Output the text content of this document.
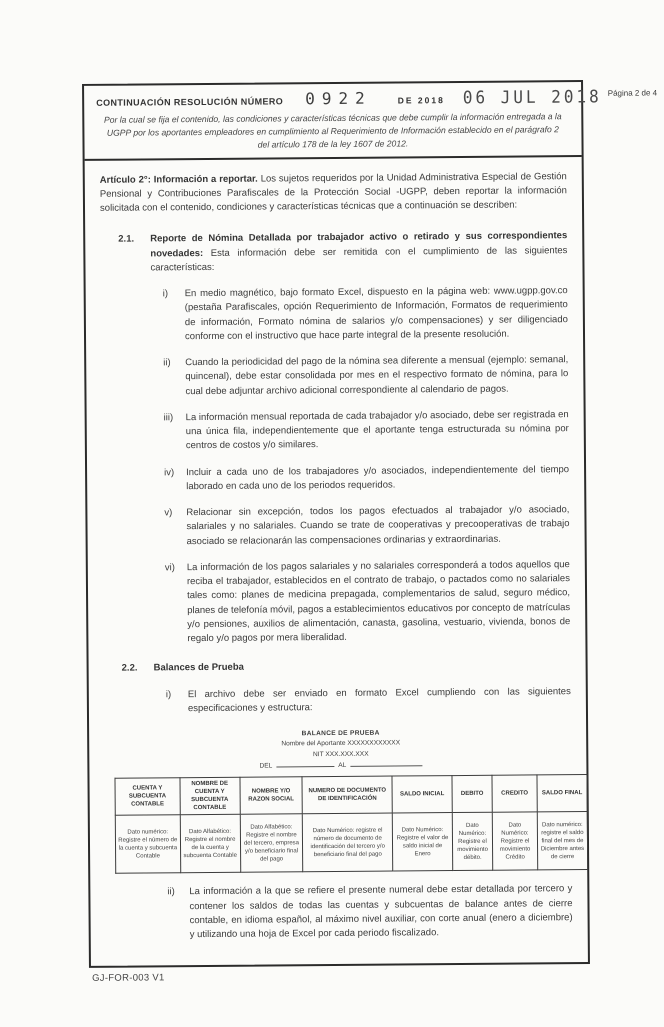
CONTINUACIÓN RESOLUCIÓN NÚMERO 0922	DE 2018 06 JUL 2018 Página 2 de 4
Por la cual se fija el contenido, las condiciones y características técnicas que debe cumplir la información entregada a la UGPP por los aportantes empleadores en cumplimiento al Requerimiento de Información establecido en el parágrafo 2 del artículo 178 de la ley 1607 de 2012.

Artículo 2°: Información a reportar. Los sujetos requeridos por la Unidad Administrativa Especial de Gestión Pensional y Contribuciones Parafiscales de la Protección Social -UGPP, deben reportar la información solicitada con el contenido, condiciones y características técnicas que a continuación se describen:

2.1.	Reporte de Nómina Detallada por trabajador activo o retirado y sus correspondientes novedades: Esta información debe ser remitida con el cumplimiento de las siguientes características:
i)	En medio magnético, bajo formato Excel, dispuesto en la página web: www.ugpp.gov.co (pestaña Parafiscales, opción Requerimiento de Información, Formatos de requerimiento de información, Formato nómina de salarios y/o compensaciones) y ser diligenciado conforme con el instructivo que hace parte integral de la presente resolución.
ii)	Cuando la periodicidad del pago de la nómina sea diferente a mensual (ejemplo: semanal, quincenal), debe estar consolidada por mes en el respectivo formato de nómina, para lo cual debe adjuntar archivo adicional correspondiente al calendario de pagos.
iii)	La información mensual reportada de cada trabajador y/o asociado, debe ser registrada en una única fila, independientemente que el aportante tenga estructurada su nómina por centros de costos y/o similares.
iv)	Incluir a cada uno de los trabajadores y/o asociados, independientemente del tiempo laborado en cada uno de los periodos requeridos.
v)	Relacionar sin excepción, todos los pagos efectuados al trabajador y/o asociado, salariales y no salariales. Cuando se trate de cooperativas y precooperativas de trabajo asociado se relacionarán las compensaciones ordinarias y extraordinarias.
vi)	La información de los pagos salariales y no salariales corresponderá a todos aquellos que reciba el trabajador, establecidos en el contrato de trabajo, o pactados como no salariales tales como: planes de medicina prepagada, complementarios de salud, seguro médico, planes de telefonía móvil, pagos a establecimientos educativos por concepto de matrículas y/o pensiones, auxilios de alimentación, canasta, gasolina, vestuario, vivienda, bonos de regalo y/o pagos por mera liberalidad.
2.2.	Balances de Prueba
i)	El archivo debe ser enviado en formato Excel cumpliendo con las siguientes especificaciones y estructura:
BALANCE DE PRUEBA
Nombre del Aportante XXXXXXXXXXXX
NIT XXX.XXX.XXX
DEL	AL
CUENTA Y SUBCUENTA CONTABLE	NOMBRE DE CUENTA Y SUBCUENTA CONTABLE	NOMBRE Y/O RAZON SOCIAL	NUMERO DE DOCUMENTO DE IDENTIFICACIÓN	SALDO INICIAL	DEBITO	CREDITO	SALDO FINAL
Dato numérico: Registre el número de la cuenta y subcuenta Contable	Dato Alfabético: Registre el nombre de la cuenta y subcuenta Contable	Dato Alfabético: Registre el nombre del tercero, empresa y/o beneficiario final del pago	Dato Numérico: registre el número de documento de identificación del tercero y/o beneficiario final del pago	Dato Numérico: Registre el valor de saldo inicial de Enero	Dato Numérico: Registre el movimiento débito.	Dato Numérico: Registre el movimiento Crédito	Dato numérico: registre el saldo final del mes de Diciembre antes de cierre
ii)	La información a la que se refiere el presente numeral debe estar detallada por tercero y contener los saldos de todas las cuentas y subcuentas de balance antes de cierre contable, en idioma español, al máximo nivel auxiliar, con corte anual (enero a diciembre) y utilizando una hoja de Excel por cada periodo fiscalizado.
GJ-FOR-003 V1
